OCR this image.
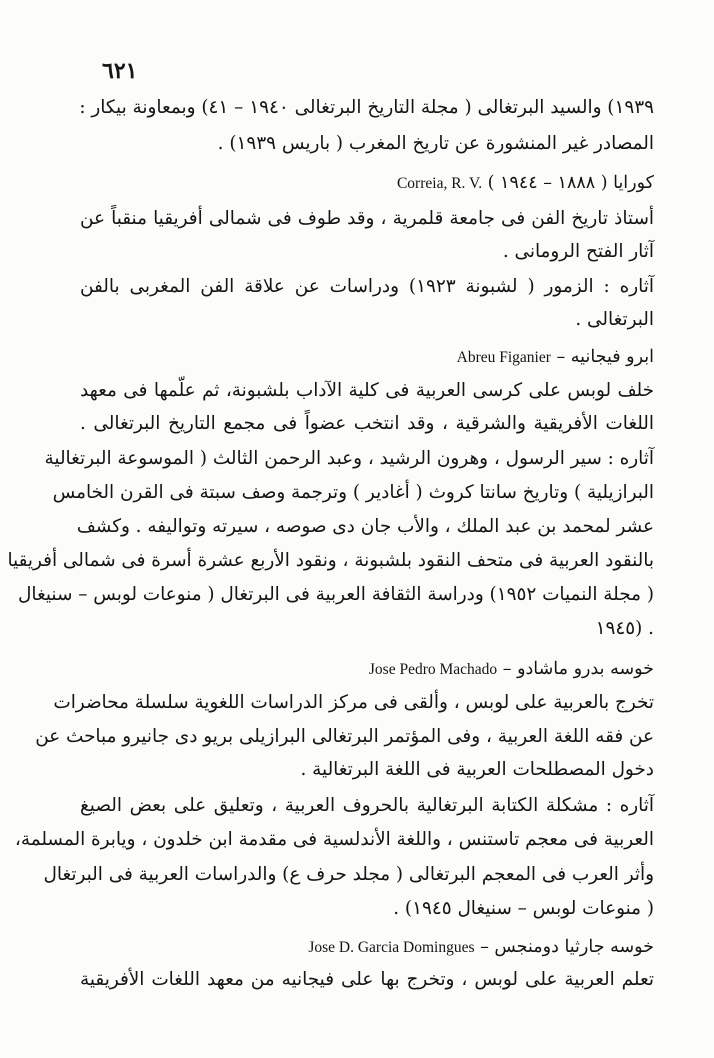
٦٢١
١٩٣٩) والسيد البرتغالى ( مجلة التاريخ البرتغالى ١٩٤٠ – ٤١) وبمعاونة بيكار :
المصادر غير المنشورة عن تاريخ المغرب ( باريس ١٩٣٩) .
كورايا ( ١٨٨٨ – ١٩٤٤ ) Correia, R. V.
أستاذ تاريخ الفن فى جامعة قلمرية ، وقد طوف فى شمالى أفريقيا منقباً عن
آثار الفتح الرومانى .
آثاره : الزمور ( لشبونة ١٩٢٣) ودراسات عن علاقة الفن المغربى بالفن
البرتغالى .
ابرو فيجانيه – Abreu Figanier
خلف لوبس على كرسى العربية فى كلية الآداب بلشبونة، ثم علّمها فى معهد
اللغات الأفريقية والشرقية ، وقد انتخب عضواً فى مجمع التاريخ البرتغالى .
آثاره : سير الرسول ، وهرون الرشيد ، وعبد الرحمن الثالث ( الموسوعة البرتغالية
البرازيلية ) وتاريخ سانتا كروث ( أغادير ) وترجمة وصف سبتة فى القرن الخامس
عشر لمحمد بن عبد الملك ، والأب جان دى صوصه ، سيرته وتواليفه . وكشف
بالنقود العربية فى متحف النقود بلشبونة ، ونقود الأربع عشرة أسرة فى شمالى أفريقيا
( مجلة النميات ١٩٥٢) ودراسة الثقافة العربية فى البرتغال ( منوعات لوبس – سنيغال
١٩٤٥) .
خوسه بدرو ماشادو – Jose Pedro Machado
تخرج بالعربية على لوبس ، وألقى فى مركز الدراسات اللغوية سلسلة محاضرات
عن فقه اللغة العربية ، وفى المؤتمر البرتغالى البرازيلى بريو دى جانيرو مباحث عن
دخول المصطلحات العربية فى اللغة البرتغالية .
آثاره : مشكلة الكتابة البرتغالية بالحروف العربية ، وتعليق على بعض الصيغ
العربية فى معجم تاستنس ، واللغة الأندلسية فى مقدمة ابن خلدون ، ويابرة المسلمة،
وأثر العرب فى المعجم البرتغالى ( مجلد حرف ع) والدراسات العربية فى البرتغال
( منوعات لوبس – سنيغال ١٩٤٥) .
خوسه جارثيا دومنجس – Jose D. Garcia Domingues
تعلم العربية على لوبس ، وتخرج بها على فيجانيه من معهد اللغات الأفريقية
